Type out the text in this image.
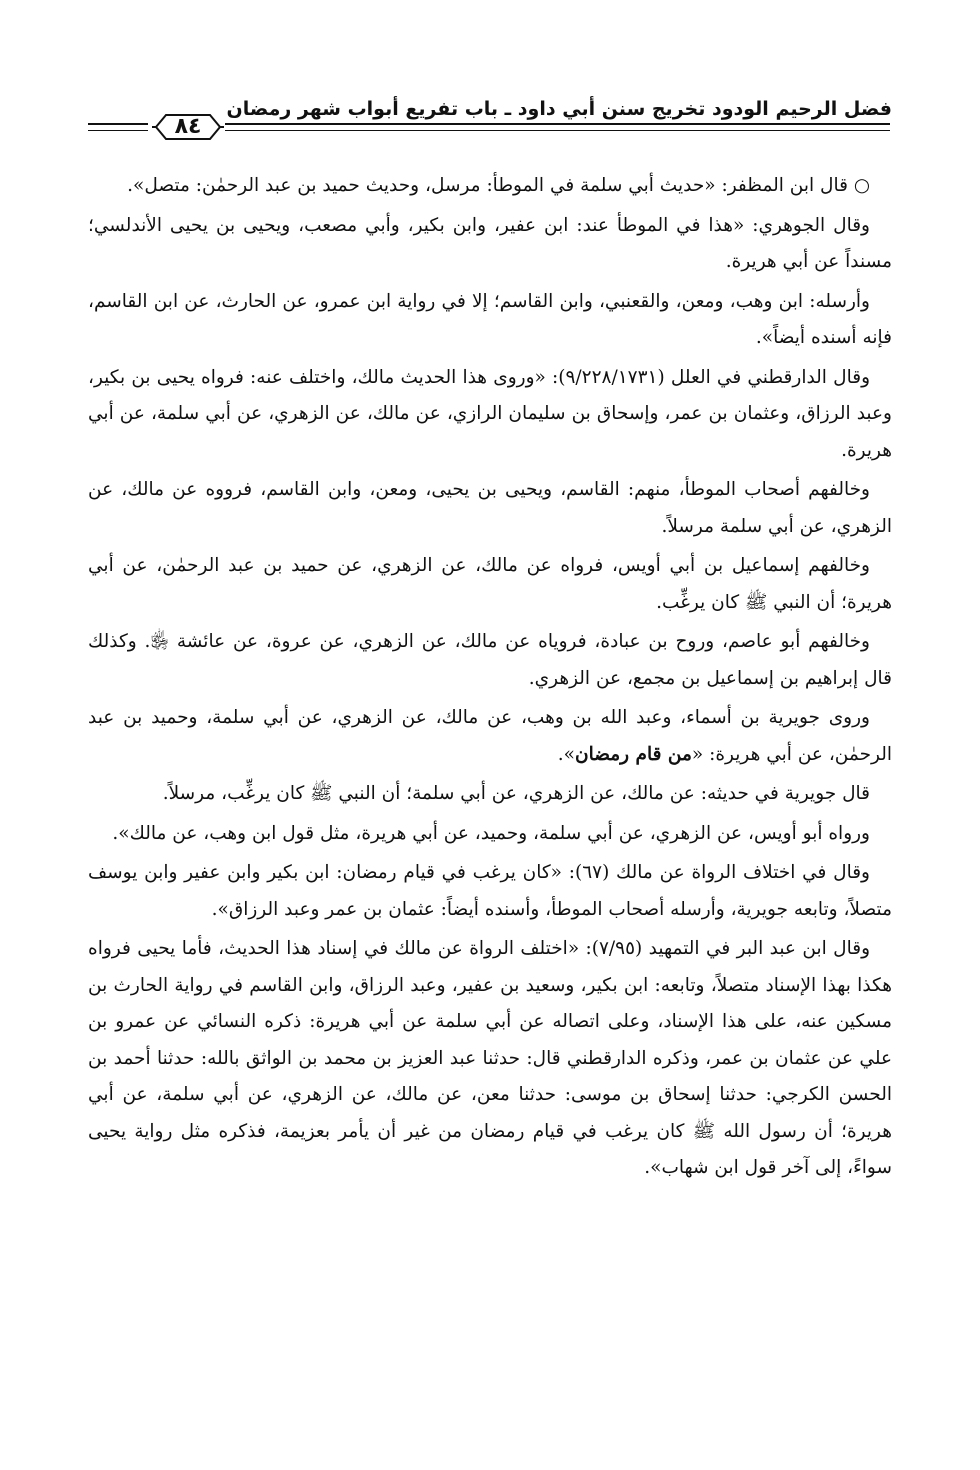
فضل الرحيم الودود تخريج سنن أبي داود ـ باب تفريع أبواب شهر رمضان
٨٤

○ قال ابن المظفر: «حديث أبي سلمة في الموطأ: مرسل، وحديث حميد بن عبد الرحمٰن: متصل».

وقال الجوهري: «هذا في الموطأ عند: ابن عفير، وابن بكير، وأبي مصعب، ويحيى بن يحيى الأندلسي؛ مسنداً عن أبي هريرة.

وأرسله: ابن وهب، ومعن، والقعنبي، وابن القاسم؛ إلا في رواية ابن عمرو، عن الحارث، عن ابن القاسم، فإنه أسنده أيضاً».

وقال الدارقطني في العلل (٩/٢٢٨/١٧٣١): «وروى هذا الحديث مالك، واختلف عنه: فرواه يحيى بن بكير، وعبد الرزاق، وعثمان بن عمر، وإسحاق بن سليمان الرازي، عن مالك، عن الزهري، عن أبي سلمة، عن أبي هريرة.

وخالفهم أصحاب الموطأ، منهم: القاسم، ويحيى بن يحيى، ومعن، وابن القاسم، فرووه عن مالك، عن الزهري، عن أبي سلمة مرسلاً.

وخالفهم إسماعيل بن أبي أويس، فرواه عن مالك، عن الزهري، عن حميد بن عبد الرحمٰن، عن أبي هريرة؛ أن النبي ﷺ كان يرغِّب.

وخالفهم أبو عاصم، وروح بن عبادة، فروياه عن مالك، عن الزهري، عن عروة، عن عائشة ﵂. وكذلك قال إبراهيم بن إسماعيل بن مجمع، عن الزهري.

وروى جويرية بن أسماء، وعبد الله بن وهب، عن مالك، عن الزهري، عن أبي سلمة، وحميد بن عبد الرحمٰن، عن أبي هريرة: «من قام رمضان».

قال جويرية في حديثه: عن مالك، عن الزهري، عن أبي سلمة؛ أن النبي ﷺ كان يرغِّب، مرسلاً.

ورواه أبو أويس، عن الزهري، عن أبي سلمة، وحميد، عن أبي هريرة، مثل قول ابن وهب، عن مالك».

وقال في اختلاف الرواة عن مالك (٦٧): «كان يرغب في قيام رمضان: ابن بكير وابن عفير وابن يوسف متصلاً، وتابعه جويرية، وأرسله أصحاب الموطأ، وأسنده أيضاً: عثمان بن عمر وعبد الرزاق».

وقال ابن عبد البر في التمهيد (٧/٩٥): «اختلف الرواة عن مالك في إسناد هذا الحديث، فأما يحيى فرواه هكذا بهذا الإسناد متصلاً، وتابعه: ابن بكير، وسعيد بن عفير، وعبد الرزاق، وابن القاسم في رواية الحارث بن مسكين عنه، على هذا الإسناد، وعلى اتصاله عن أبي سلمة عن أبي هريرة: ذكره النسائي عن عمرو بن علي عن عثمان بن عمر، وذكره الدارقطني قال: حدثنا عبد العزيز بن محمد بن الواثق بالله: حدثنا أحمد بن الحسن الكرجي: حدثنا إسحاق بن موسى: حدثنا معن، عن مالك، عن الزهري، عن أبي سلمة، عن أبي هريرة؛ أن رسول الله ﷺ كان يرغب في قيام رمضان من غير أن يأمر بعزيمة، فذكره مثل رواية يحيى سواءً، إلى آخر قول ابن شهاب».
